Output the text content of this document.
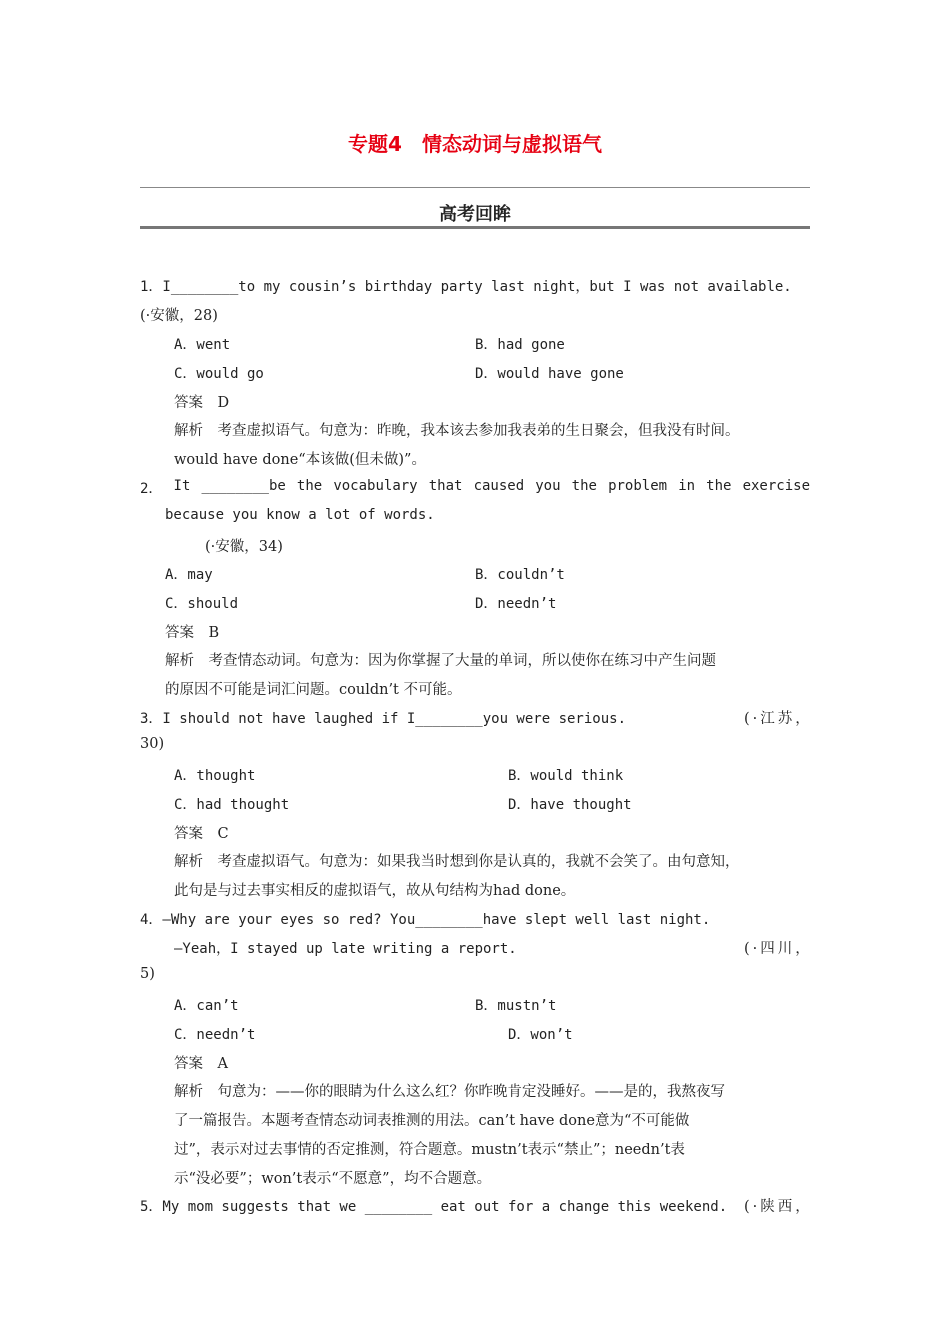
专题4　情态动词与虚拟语气
高考回眸
1．I________to my cousin’s birthday party last night，but I was not available.
(·安徽，28)
A．went	B．had gone
C．would go	D．would have gone
答案　D
解析　考查虚拟语气。句意为：昨晚，我本该去参加我表弟的生日聚会，但我没有时间。
would have done“本该做(但未做)”。
2． It ________be the vocabulary that caused you the problem in the exercise
because you know a lot of words.
(·安徽，34)
A．may	B．couldn’t
C．should	D．needn’t
答案　B
解析　考查情态动词。句意为：因为你掌握了大量的单词，所以使你在练习中产生问题
的原因不可能是词汇问题。couldn’t 不可能。
3．I should not have laughed if I________you were serious.	(·江苏，
30)
A．thought	B．would think
C．had thought	D．have thought
答案　C
解析　考查虚拟语气。句意为：如果我当时想到你是认真的，我就不会笑了。由句意知，
此句是与过去事实相反的虚拟语气，故从句结构为had done。
4．—Why are your eyes so red? You________have slept well last night.
—Yeah，I stayed up late writing a report.	(·四川，
5)
A．can’t	B．mustn’t
C．needn’t	D．won’t
答案　A
解析　句意为：——你的眼睛为什么这么红？你昨晚肯定没睡好。——是的，我熬夜写
了一篇报告。本题考查情态动词表推测的用法。can’t have done意为“不可能做
过”，表示对过去事情的否定推测，符合题意。mustn’t表示“禁止”；needn’t表
示“没必要”；won’t表示“不愿意”，均不合题意。
5．My mom suggests that we ________ eat out for a change this weekend. (·陕西，
